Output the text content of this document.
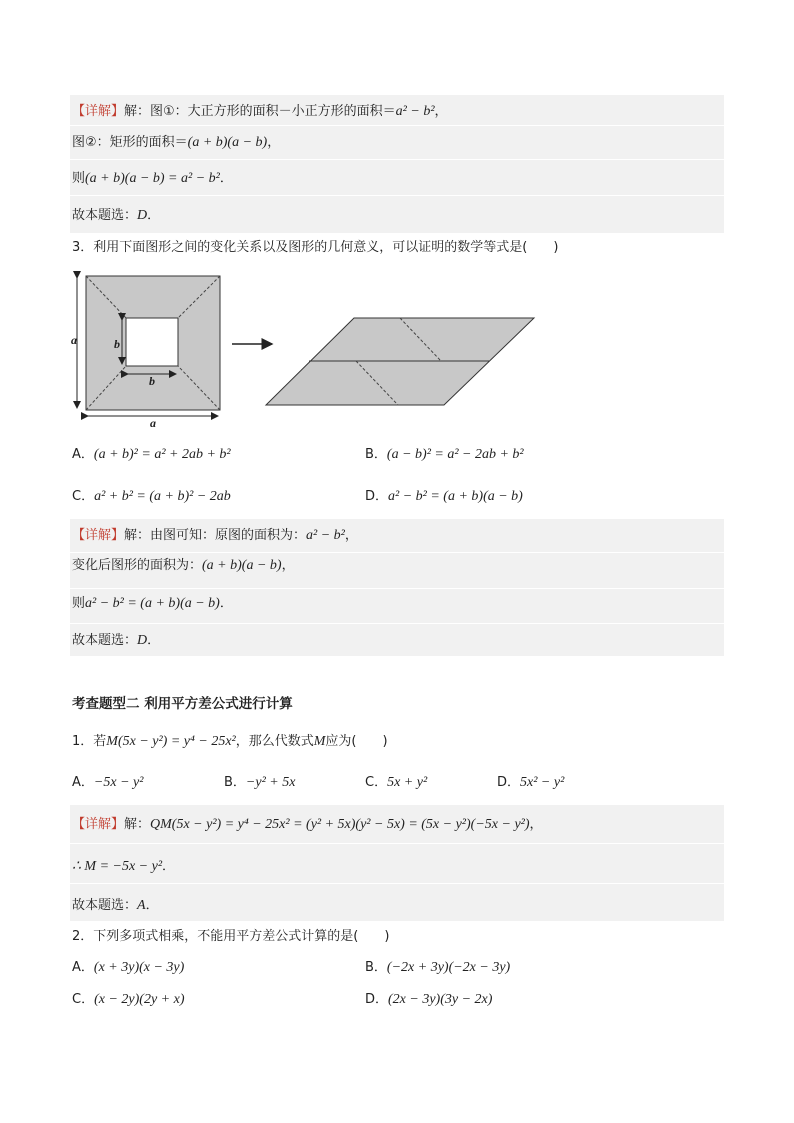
【详解】解：图①：大正方形的面积－小正方形的面积＝a² − b²，
图②：矩形的面积＝(a + b)(a − b)，
则(a + b)(a − b) = a² − b²．
故本题选：D．
3．利用下面图形之间的变化关系以及图形的几何意义，可以证明的数学等式是(　　)
a	b
b
a
A．(a + b)² = a² + 2ab + b²	B．(a − b)² = a² − 2ab + b²
C．a² + b² = (a + b)² − 2ab	D．a² − b² = (a + b)(a − b)
【详解】解：由图可知：原图的面积为：a² − b²，
变化后图形的面积为：(a + b)(a − b)，
则a² − b² = (a + b)(a − b)．
故本题选：D．
考查题型二 利用平方差公式进行计算
1．若M(5x − y²) = y⁴ − 25x²，那么代数式M应为(　　)
A．−5x − y²	B．−y² + 5x	C．5x + y²	D．5x² − y²
【详解】解：QM(5x − y²) = y⁴ − 25x² = (y² + 5x)(y² − 5x) = (5x − y²)(−5x − y²)，
∴ M = −5x − y²．
故本题选：A．
2．下列多项式相乘，不能用平方差公式计算的是(　　)
A．(x + 3y)(x − 3y)	B．(−2x + 3y)(−2x − 3y)
C．(x − 2y)(2y + x)	D．(2x − 3y)(3y − 2x)
